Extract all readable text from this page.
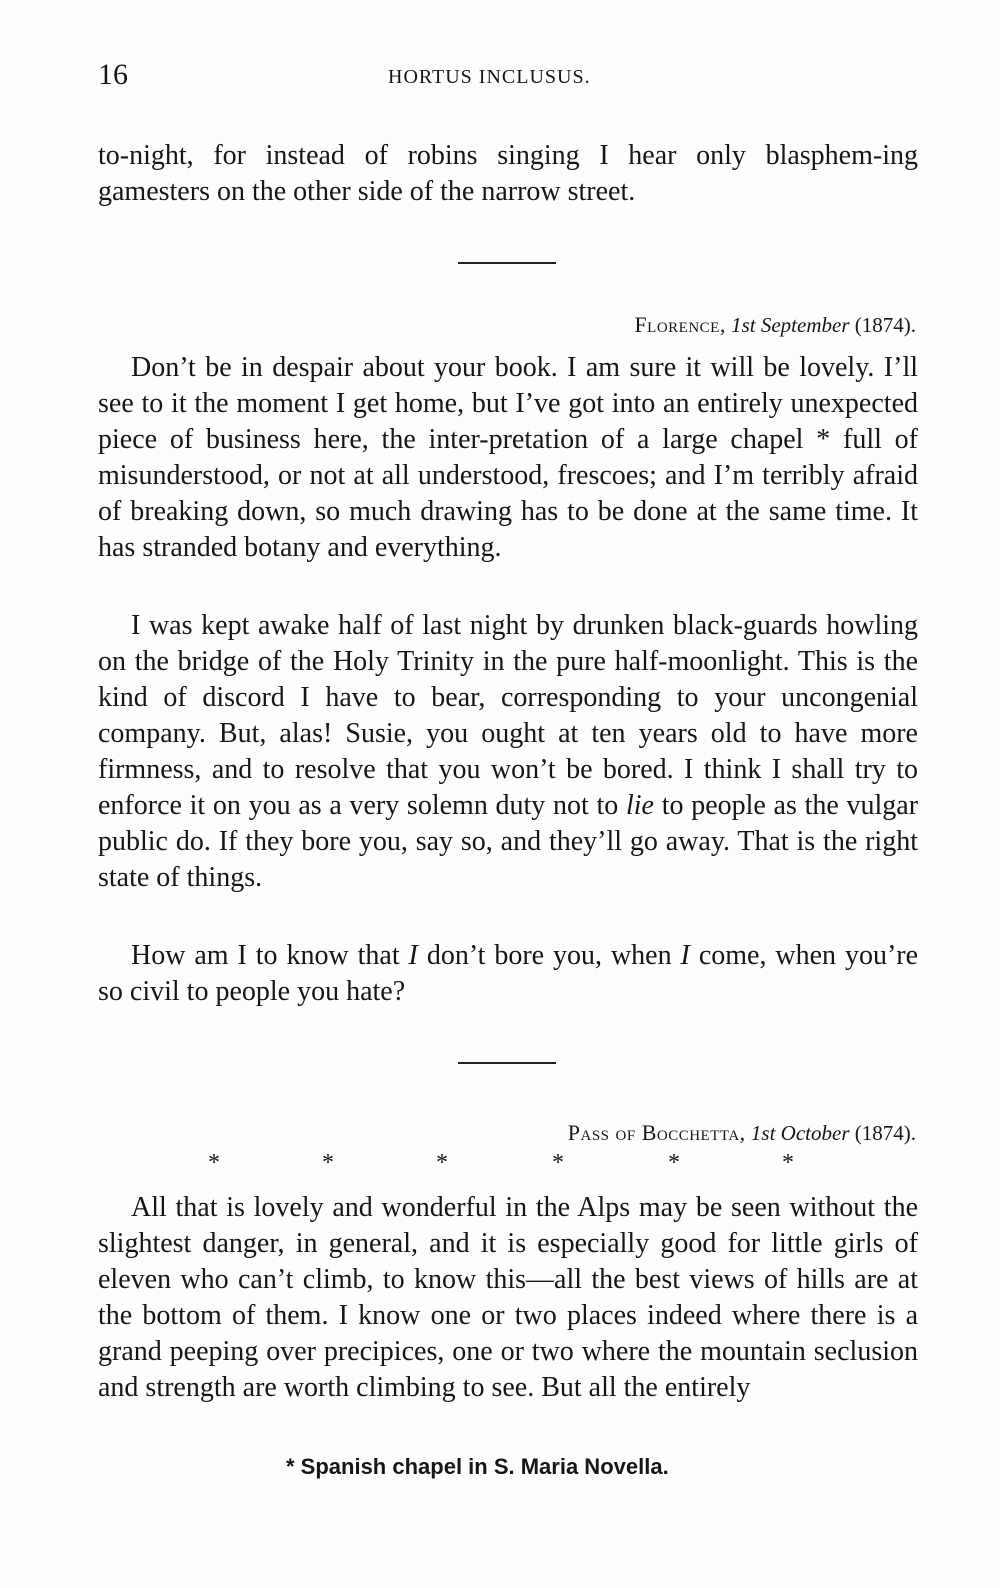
16	HORTUS INCLUSUS.

to-night, for instead of robins singing I hear only blasphem-ing gamesters on the other side of the narrow street.

Florence, 1st September (1874).

Don’t be in despair about your book. I am sure it will be lovely. I’ll see to it the moment I get home, but I’ve got into an entirely unexpected piece of business here, the inter-pretation of a large chapel * full of misunderstood, or not at all understood, frescoes; and I’m terribly afraid of breaking down, so much drawing has to be done at the same time. It has stranded botany and everything.

I was kept awake half of last night by drunken black-guards howling on the bridge of the Holy Trinity in the pure half-moonlight. This is the kind of discord I have to bear, corresponding to your uncongenial company. But, alas! Susie, you ought at ten years old to have more firmness, and to resolve that you won’t be bored. I think I shall try to enforce it on you as a very solemn duty not to lie to people as the vulgar public do. If they bore you, say so, and they’ll go away. That is the right state of things.

How am I to know that I don’t bore you, when I come, when you’re so civil to people you hate?

Pass of Bocchetta, 1st October (1874).
*	*	*	*	*	*

All that is lovely and wonderful in the Alps may be seen without the slightest danger, in general, and it is especially good for little girls of eleven who can’t climb, to know this—all the best views of hills are at the bottom of them. I know one or two places indeed where there is a grand peeping over precipices, one or two where the mountain seclusion and strength are worth climbing to see. But all the entirely

* Spanish chapel in S. Maria Novella.
